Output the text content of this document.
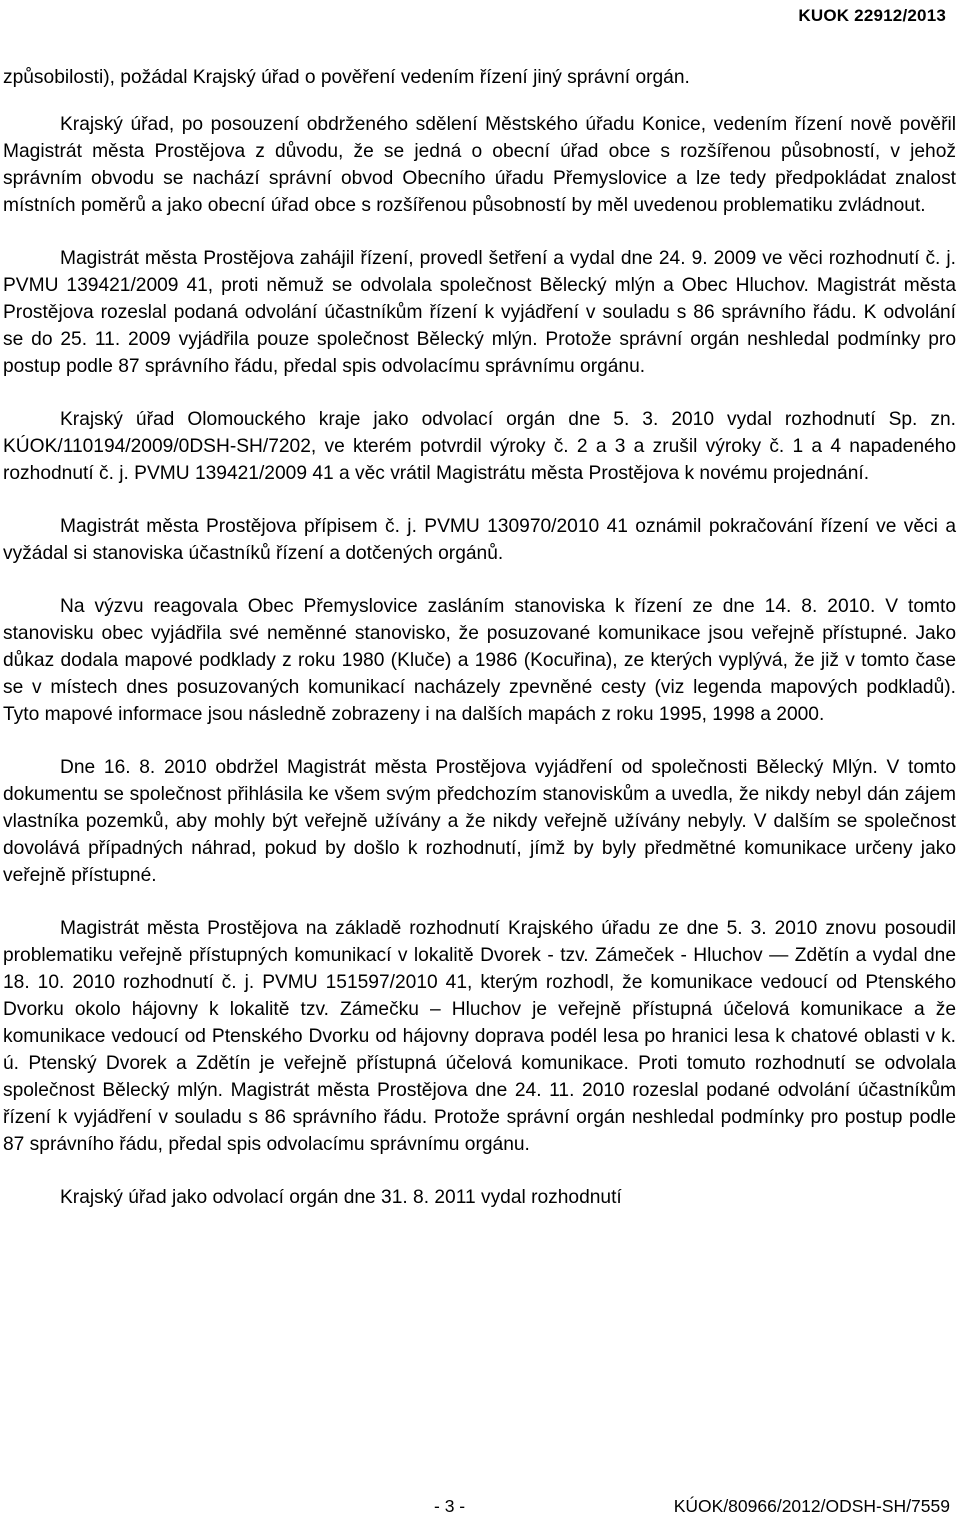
KUOK 22912/2013

způsobilosti), požádal Krajský úřad o pověření vedením řízení jiný správní orgán.

Krajský úřad, po posouzení obdrženého sdělení Městského úřadu Konice, vedením řízení nově pověřil Magistrát města Prostějova z důvodu, že se jedná o obecní úřad obce s rozšířenou působností, v jehož správním obvodu se nachází správní obvod Obecního úřadu Přemyslovice a lze tedy předpokládat znalost místních poměrů a jako obecní úřad obce s rozšířenou působností by měl uvedenou problematiku zvládnout.

Magistrát města Prostějova zahájil řízení, provedl šetření a vydal dne 24. 9. 2009 ve věci rozhodnutí č. j. PVMU 139421/2009 41, proti němuž se odvolala společnost Bělecký mlýn a Obec Hluchov. Magistrát města Prostějova rozeslal podaná odvolání účastníkům řízení k vyjádření v souladu s 86 správního řádu. K odvolání se do 25. 11. 2009 vyjádřila pouze společnost Bělecký mlýn. Protože správní orgán neshledal podmínky pro postup podle 87 správního řádu, předal spis odvolacímu správnímu orgánu.

Krajský úřad Olomouckého kraje jako odvolací orgán dne 5. 3. 2010 vydal rozhodnutí Sp. zn. KÚOK/110194/2009/0DSH-SH/7202, ve kterém potvrdil výroky č. 2 a 3 a zrušil výroky č. 1 a 4 napadeného rozhodnutí č. j. PVMU 139421/2009 41 a věc vrátil Magistrátu města Prostějova k novému projednání.

Magistrát města Prostějova přípisem č. j. PVMU 130970/2010 41 oznámil pokračování řízení ve věci a vyžádal si stanoviska účastníků řízení a dotčených orgánů.

Na výzvu reagovala Obec Přemyslovice zasláním stanoviska k řízení ze dne 14. 8. 2010. V tomto stanovisku obec vyjádřila své neměnné stanovisko, že posuzované komunikace jsou veřejně přístupné. Jako důkaz dodala mapové podklady z roku 1980 (Kluče) a 1986 (Kocuřina), ze kterých vyplývá, že již v tomto čase se v místech dnes posuzovaných komunikací nacházely zpevněné cesty (viz legenda mapových podkladů). Tyto mapové informace jsou následně zobrazeny i na dalších mapách z roku 1995, 1998 a 2000.

Dne 16. 8. 2010 obdržel Magistrát města Prostějova vyjádření od společnosti Bělecký Mlýn. V tomto dokumentu se společnost přihlásila ke všem svým předchozím stanoviskům a uvedla, že nikdy nebyl dán zájem vlastníka pozemků, aby mohly být veřejně užívány a že nikdy veřejně užívány nebyly. V dalším se společnost dovolává případných náhrad, pokud by došlo k rozhodnutí, jímž by byly předmětné komunikace určeny jako veřejně přístupné.

Magistrát města Prostějova na základě rozhodnutí Krajského úřadu ze dne 5. 3. 2010 znovu posoudil problematiku veřejně přístupných komunikací v lokalitě Dvorek - tzv. Zámeček - Hluchov — Zdětín a vydal dne 18. 10. 2010 rozhodnutí č. j. PVMU 151597/2010 41, kterým rozhodl, že komunikace vedoucí od Ptenského Dvorku okolo hájovny k lokalitě tzv. Zámečku – Hluchov je veřejně přístupná účelová komunikace a že komunikace vedoucí od Ptenského Dvorku od hájovny doprava podél lesa po hranici lesa k chatové oblasti v k. ú. Ptenský Dvorek a Zdětín je veřejně přístupná účelová komunikace. Proti tomuto rozhodnutí se odvolala společnost Bělecký mlýn. Magistrát města Prostějova dne 24. 11. 2010 rozeslal podané odvolání účastníkům řízení k vyjádření v souladu s 86 správního řádu. Protože správní orgán neshledal podmínky pro postup podle 87 správního řádu, předal spis odvolacímu správnímu orgánu.

Krajský úřad jako odvolací orgán dne 31. 8. 2011 vydal rozhodnutí

- 3 -	KÚOK/80966/2012/ODSH-SH/7559
